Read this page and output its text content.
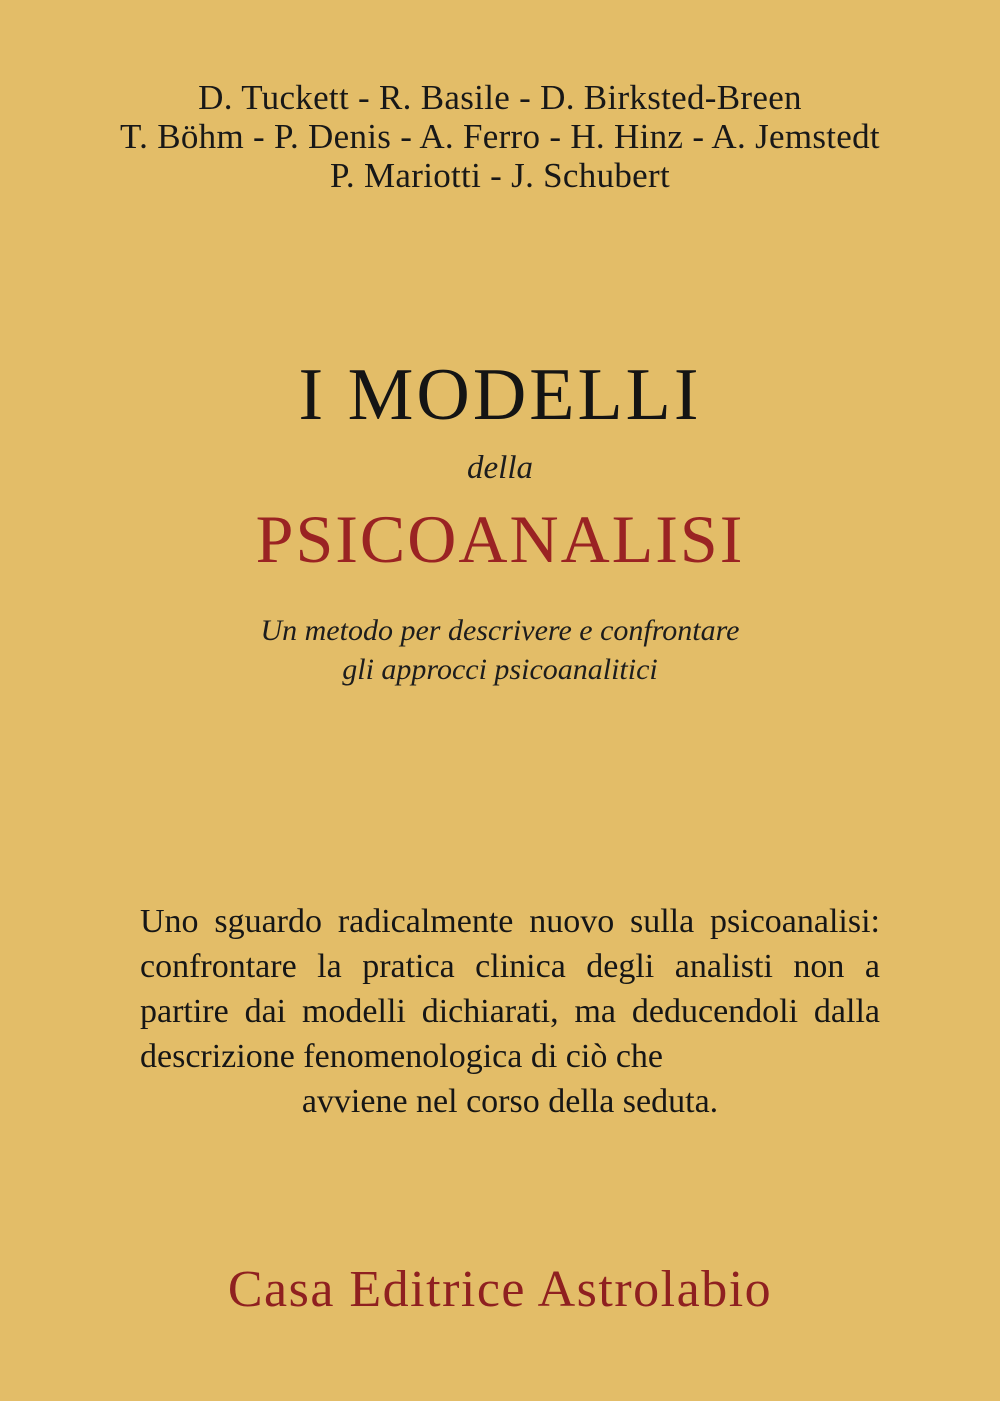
D. Tuckett - R. Basile - D. Birksted-Breen
T. Böhm - P. Denis - A. Ferro - H. Hinz - A. Jemstedt
P. Mariotti - J. Schubert
I MODELLI
della
PSICOANALISI
Un metodo per descrivere e confrontare
gli approcci psicoanalitici
Uno sguardo radicalmente nuovo sulla psicoanalisi: confrontare la pratica clinica degli analisti non a partire dai modelli dichiarati, ma deducendoli dalla descrizione fenomenologica di ciò che
avviene nel corso della seduta.
Casa Editrice Astrolabio
